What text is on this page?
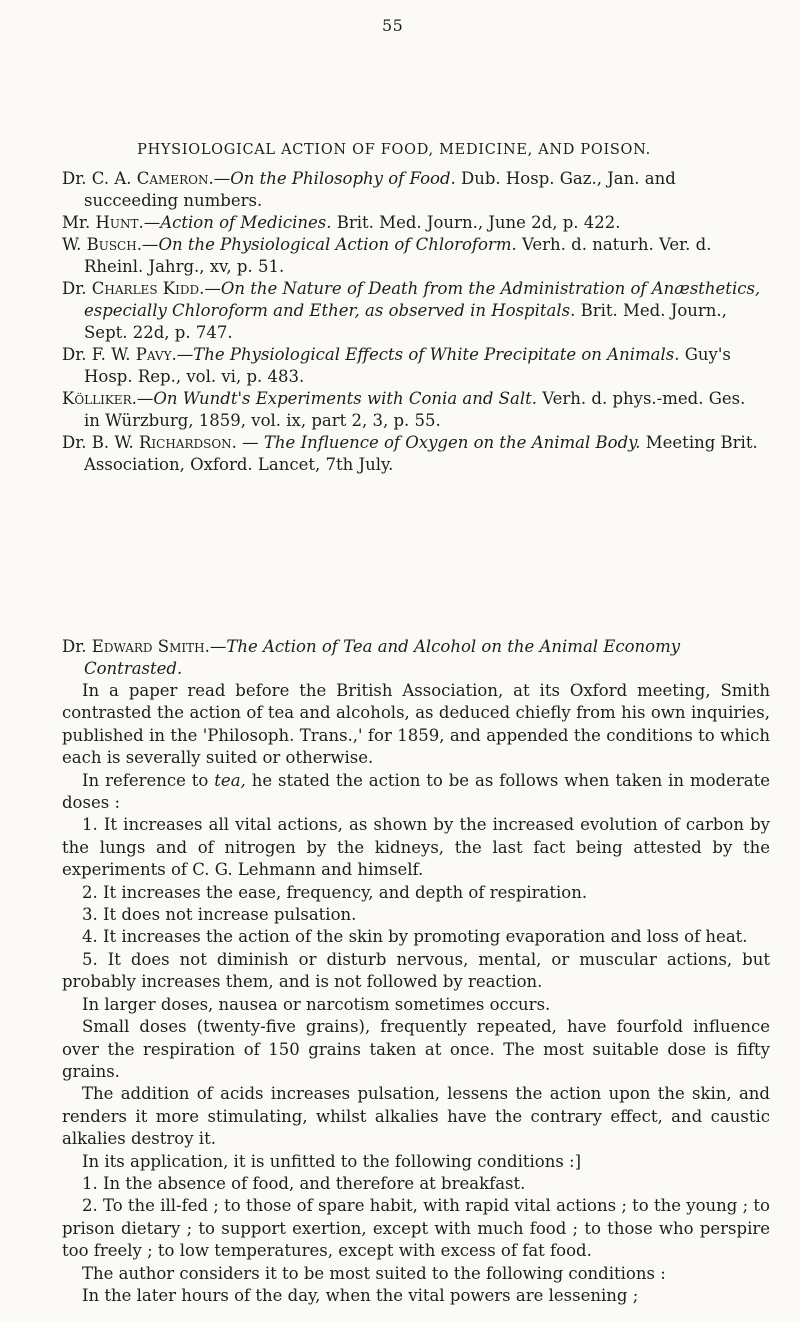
55
PHYSIOLOGICAL ACTION OF FOOD, MEDICINE, AND POISON.

Dr. C. A. Cameron.—On the Philosophy of Food. Dub. Hosp. Gaz., Jan. and succeeding numbers.

Mr. Hunt.—Action of Medicines. Brit. Med. Journ., June 2d, p. 422.

W. Busch.—On the Physiological Action of Chloroform. Verh. d. naturh. Ver. d. Rheinl. Jahrg., xv, p. 51.

Dr. Charles Kidd.—On the Nature of Death from the Administration of Anæsthetics, especially Chloroform and Ether, as observed in Hospitals. Brit. Med. Journ., Sept. 22d, p. 747.

Dr. F. W. Pavy.—The Physiological Effects of White Precipitate on Animals. Guy's Hosp. Rep., vol. vi, p. 483.

Kölliker.—On Wundt's Experiments with Conia and Salt. Verh. d. phys.-med. Ges. in Würzburg, 1859, vol. ix, part 2, 3, p. 55.

Dr. B. W. Richardson. — The Influence of Oxygen on the Animal Body. Meeting Brit. Association, Oxford. Lancet, 7th July.

Dr. Edward Smith.—The Action of Tea and Alcohol on the Animal Economy Contrasted.

In a paper read before the British Association, at its Oxford meeting, Smith contrasted the action of tea and alcohols, as deduced chiefly from his own inquiries, published in the 'Philosoph. Trans.,' for 1859, and appended the conditions to which each is severally suited or otherwise.

In reference to tea, he stated the action to be as follows when taken in moderate doses :

1. It increases all vital actions, as shown by the increased evolution of carbon by the lungs and of nitrogen by the kidneys, the last fact being attested by the experiments of C. G. Lehmann and himself.

2. It increases the ease, frequency, and depth of respiration.

3. It does not increase pulsation.

4. It increases the action of the skin by promoting evaporation and loss of heat.

5. It does not diminish or disturb nervous, mental, or muscular actions, but probably increases them, and is not followed by reaction.

In larger doses, nausea or narcotism sometimes occurs.

Small doses (twenty-five grains), frequently repeated, have fourfold influence over the respiration of 150 grains taken at once. The most suitable dose is fifty grains.

The addition of acids increases pulsation, lessens the action upon the skin, and renders it more stimulating, whilst alkalies have the contrary effect, and caustic alkalies destroy it.

In its application, it is unfitted to the following conditions :]

1. In the absence of food, and therefore at breakfast.

2. To the ill-fed ; to those of spare habit, with rapid vital actions ; to the young ; to prison dietary ; to support exertion, except with much food ; to those who perspire too freely ; to low temperatures, except with excess of fat food.

The author considers it to be most suited to the following conditions :

In the later hours of the day, when the vital powers are lessening ;
